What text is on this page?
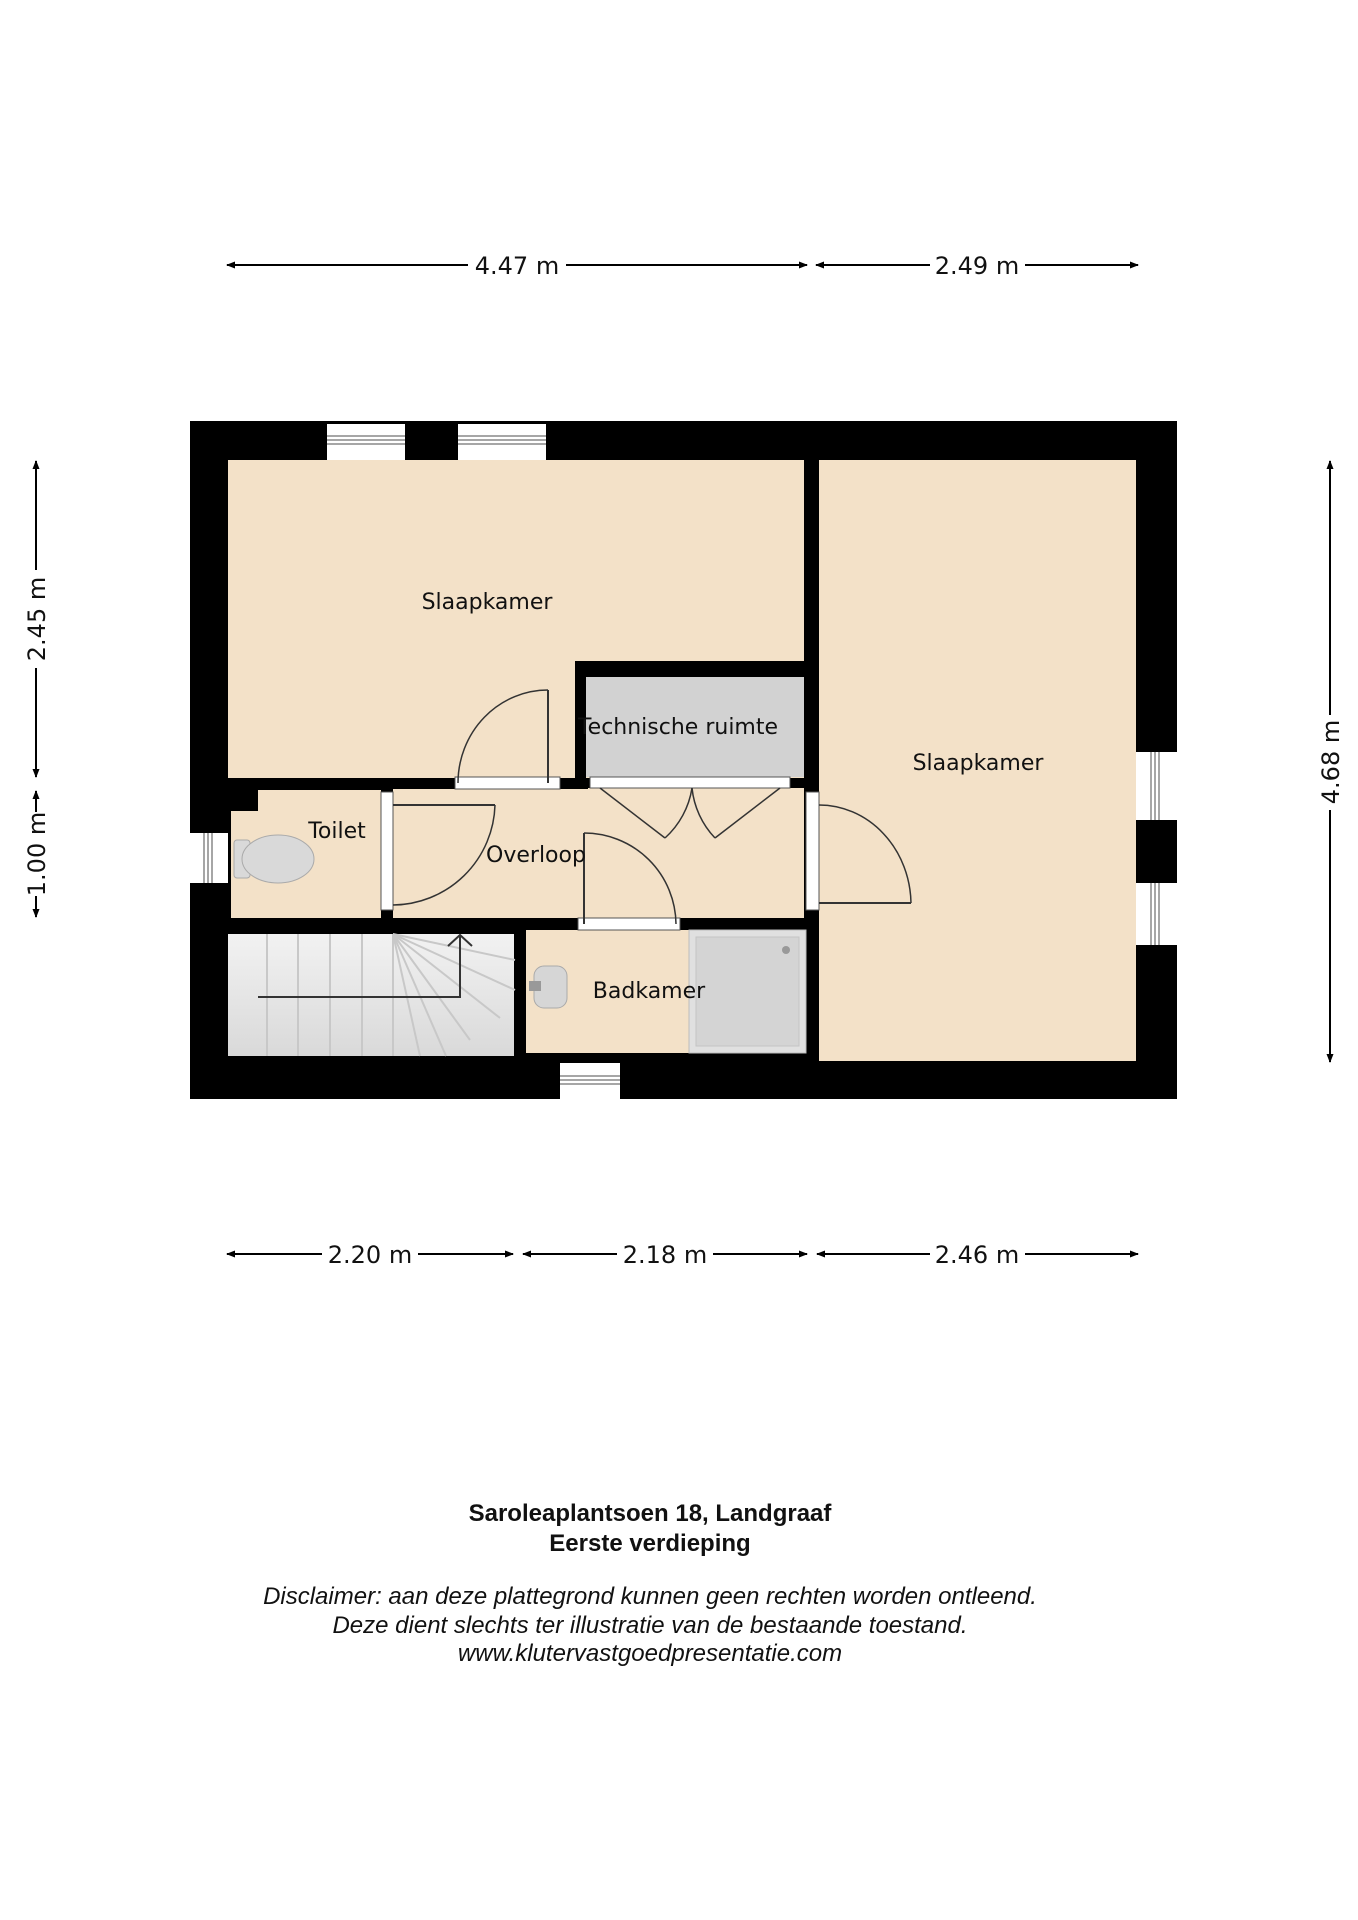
Slaapkamer
Slaapkamer
Technische ruimte
Toilet
Overloop
Badkamer
4.47 m	2.49 m
2.20 m	2.18 m	2.46 m
2.45 m
1.00 m
4.68 m
Saroleaplantsoen 18, Landgraaf
Eerste verdieping
Disclaimer: aan deze plattegrond kunnen geen rechten worden ontleend.
Deze dient slechts ter illustratie van de bestaande toestand.
www.klutervastgoedpresentatie.com
